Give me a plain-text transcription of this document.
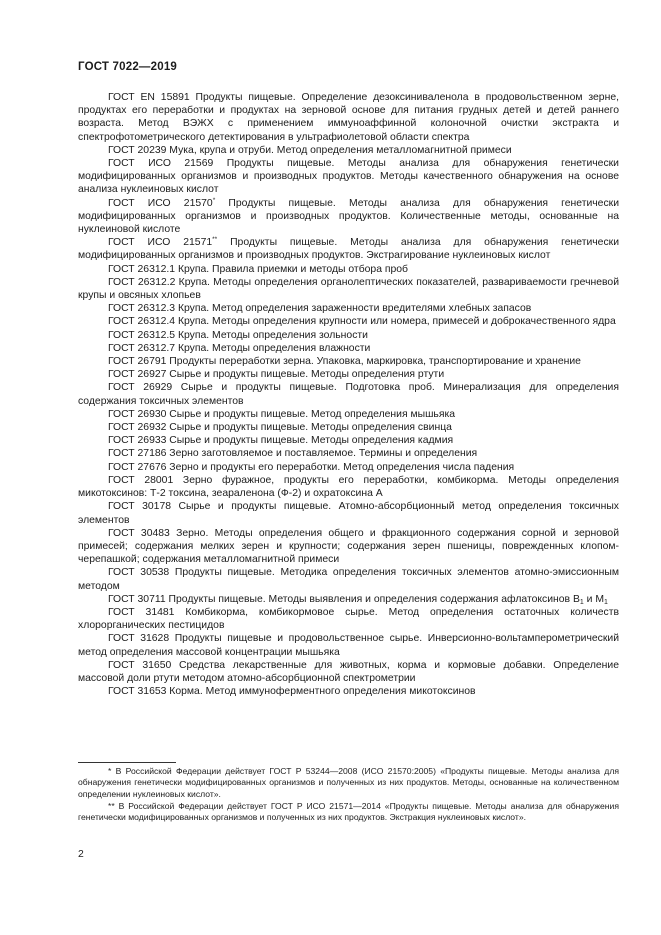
ГОСТ 7022—2019

ГОСТ EN 15891 Продукты пищевые. Определение дезоксиниваленола в продовольственном зерне, продуктах его переработки и продуктах на зерновой основе для питания грудных детей и детей раннего возраста. Метод ВЭЖХ с применением иммуноаффинной колоночной очистки экстракта и спектрофотометрического детектирования в ультрафиолетовой области спектра

ГОСТ 20239 Мука, крупа и отруби. Метод определения металломагнитной примеси

ГОСТ ИСО 21569 Продукты пищевые. Методы анализа для обнаружения генетически модифицированных организмов и производных продуктов. Методы качественного обнаружения на основе анализа нуклеиновых кислот

ГОСТ ИСО 21570* Продукты пищевые. Методы анализа для обнаружения генетически модифицированных организмов и производных продуктов. Количественные методы, основанные на нуклеиновой кислоте

ГОСТ ИСО 21571** Продукты пищевые. Методы анализа для обнаружения генетически модифицированных организмов и производных продуктов. Экстрагирование нуклеиновых кислот

ГОСТ 26312.1 Крупа. Правила приемки и методы отбора проб

ГОСТ 26312.2 Крупа. Методы определения органолептических показателей, развариваемости гречневой крупы и овсяных хлопьев

ГОСТ 26312.3 Крупа. Метод определения зараженности вредителями хлебных запасов

ГОСТ 26312.4 Крупа. Методы определения крупности или номера, примесей и доброкачественного ядра

ГОСТ 26312.5 Крупа. Методы определения зольности

ГОСТ 26312.7 Крупа. Методы определения влажности

ГОСТ 26791 Продукты переработки зерна. Упаковка, маркировка, транспортирование и хранение

ГОСТ 26927 Сырье и продукты пищевые. Методы определения ртути

ГОСТ 26929 Сырье и продукты пищевые. Подготовка проб. Минерализация для определения содержания токсичных элементов

ГОСТ 26930 Сырье и продукты пищевые. Метод определения мышьяка

ГОСТ 26932 Сырье и продукты пищевые. Методы определения свинца

ГОСТ 26933 Сырье и продукты пищевые. Методы определения кадмия

ГОСТ 27186 Зерно заготовляемое и поставляемое. Термины и определения

ГОСТ 27676 Зерно и продукты его переработки. Метод определения числа падения

ГОСТ 28001 Зерно фуражное, продукты его переработки, комбикорма. Методы определения микотоксинов: Т-2 токсина, зеараленона (Ф-2) и охратоксина А

ГОСТ 30178 Сырье и продукты пищевые. Атомно-абсорбционный метод определения токсичных элементов

ГОСТ 30483 Зерно. Методы определения общего и фракционного содержания сорной и зерновой примесей; содержания мелких зерен и крупности; содержания зерен пшеницы, поврежденных клопом-черепашкой; содержания металломагнитной примеси

ГОСТ 30538 Продукты пищевые. Методика определения токсичных элементов атомно-эмиссионным методом

ГОСТ 30711 Продукты пищевые. Методы выявления и определения содержания афлатоксинов $B_1$ и $M_1$

ГОСТ 31481 Комбикорма, комбикормовое сырье. Метод определения остаточных количеств хлорорганических пестицидов

ГОСТ 31628 Продукты пищевые и продовольственное сырье. Инверсионно-вольтамперометрический метод определения массовой концентрации мышьяка

ГОСТ 31650 Средства лекарственные для животных, корма и кормовые добавки. Определение массовой доли ртути методом атомно-абсорбционной спектрометрии

ГОСТ 31653 Корма. Метод иммуноферментного определения микотоксинов

* В Российской Федерации действует ГОСТ Р 53244—2008 (ИСО 21570:2005) «Продукты пищевые. Методы анализа для обнаружения генетически модифицированных организмов и полученных из них продуктов. Методы, основанные на количественном определении нуклеиновых кислот».

** В Российской Федерации действует ГОСТ Р ИСО 21571—2014 «Продукты пищевые. Методы анализа для обнаружения генетически модифицированных организмов и полученных из них продуктов. Экстракция нуклеиновых кислот».

2
